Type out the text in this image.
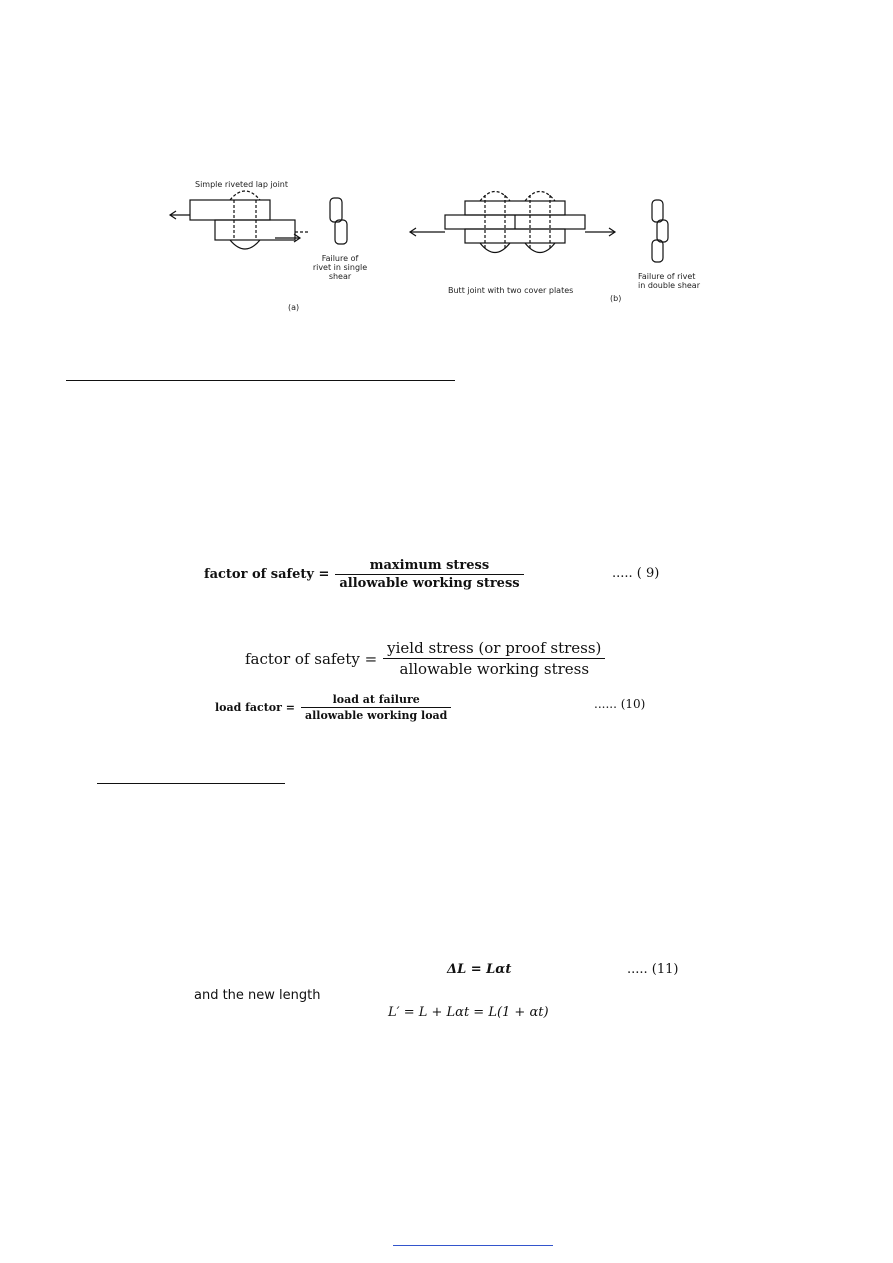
Simple riveted lap joint
Failure of
rivet in single
shear
(a)
Butt joint with two cover plates
(b)
Failure of rivet
in double shear
factor of safety = $\frac{\text{maximum stress}}{\text{allowable working stress}}$	..... ( 9)
factor of safety = $\frac{\text{yield stress (or proof stress)}}{\text{allowable working stress}}$
load factor = $\frac{\text{load at failure}}{\text{allowable working load}}$	...... (10)
ΔL = Lαt	..... (11)
and the new length
L′ = L + Lαt = L(1 + αt)
